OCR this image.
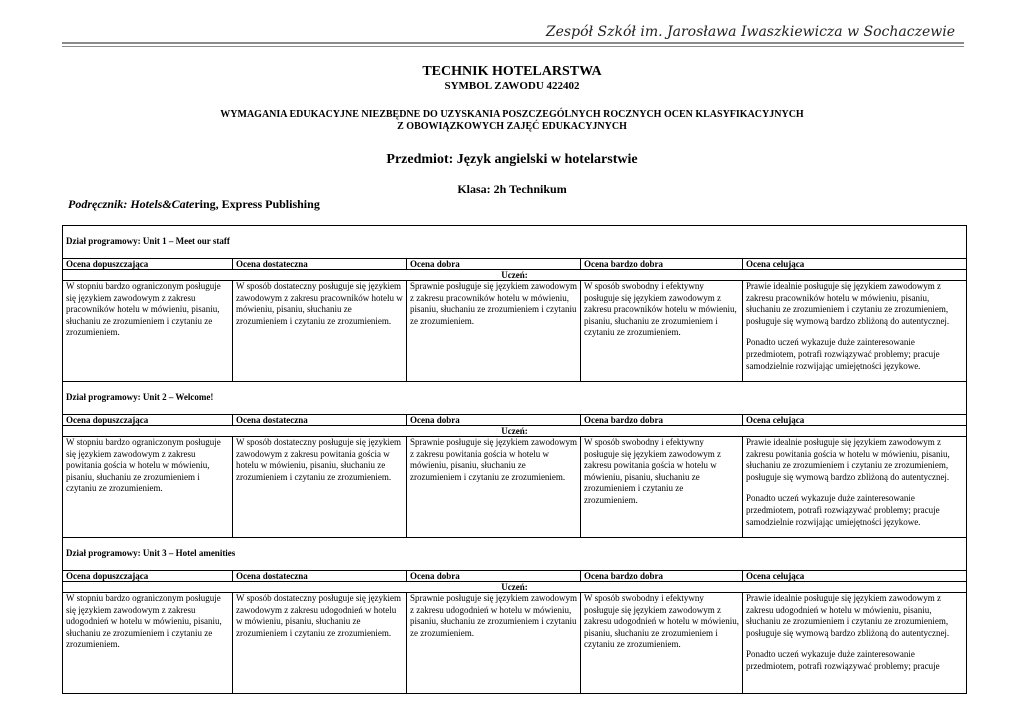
Zespół Szkół im. Jarosława Iwaszkiewicza w Sochaczewie
TECHNIK HOTELARSTWA
SYMBOL ZAWODU 422402
WYMAGANIA EDUKACYJNE NIEZBĘDNE DO UZYSKANIA POSZCZEGÓLNYCH ROCZNYCH OCEN KLASYFIKACYJNYCH
Z OBOWIĄZKOWYCH ZAJĘĆ EDUKACYJNYCH
Przedmiot: Język angielski w hotelarstwie
Klasa: 2h Technikum
Podręcznik: Hotels&Catering, Express Publishing
Dział programowy: Unit 1 – Meet our staff				
Ocena dopuszczająca	Ocena dostateczna	Ocena dobra	Ocena bardzo dobra	Ocena celująca
Uczeń:				
W stopniu bardzo ograniczonym posługuje się językiem zawodowym z zakresu pracowników hotelu w mówieniu, pisaniu, słuchaniu ze zrozumieniem i czytaniu ze zrozumieniem.	W sposób dostateczny posługuje się językiem zawodowym z zakresu pracowników hotelu w mówieniu, pisaniu, słuchaniu ze zrozumieniem i czytaniu ze zrozumieniem.	Sprawnie posługuje się językiem zawodowym z zakresu pracowników hotelu w mówieniu, pisaniu, słuchaniu ze zrozumieniem i czytaniu ze zrozumieniem.	W sposób swobodny i efektywny posługuje się językiem zawodowym z zakresu pracowników hotelu w mówieniu, pisaniu, słuchaniu ze zrozumieniem i czytaniu ze zrozumieniem.	Prawie idealnie posługuje się językiem zawodowym z zakresu pracowników hotelu w mówieniu, pisaniu, słuchaniu ze zrozumieniem i czytaniu ze zrozumieniem, posługuje się wymową bardzo zbliżoną do autentycznej.

Ponadto uczeń wykazuje duże zainteresowanie przedmiotem, potrafi rozwiązywać problemy; pracuje samodzielnie rozwijając umiejętności językowe.

Dział programowy: Unit 2 – Welcome!				
Ocena dopuszczająca	Ocena dostateczna	Ocena dobra	Ocena bardzo dobra	Ocena celująca
Uczeń:				
W stopniu bardzo ograniczonym posługuje się językiem zawodowym z zakresu powitania gościa w hotelu w mówieniu, pisaniu, słuchaniu ze zrozumieniem i czytaniu ze zrozumieniem.	W sposób dostateczny posługuje się językiem zawodowym z zakresu powitania gościa w hotelu w mówieniu, pisaniu, słuchaniu ze zrozumieniem i czytaniu ze zrozumieniem.	Sprawnie posługuje się językiem zawodowym z zakresu powitania gościa w hotelu w mówieniu, pisaniu, słuchaniu ze zrozumieniem i czytaniu ze zrozumieniem.	W sposób swobodny i efektywny posługuje się językiem zawodowym z zakresu powitania gościa w hotelu w mówieniu, pisaniu, słuchaniu ze zrozumieniem i czytaniu ze zrozumieniem.	Prawie idealnie posługuje się językiem zawodowym z zakresu powitania gościa w hotelu w mówieniu, pisaniu, słuchaniu ze zrozumieniem i czytaniu ze zrozumieniem, posługuje się wymową bardzo zbliżoną do autentycznej.

Ponadto uczeń wykazuje duże zainteresowanie przedmiotem, potrafi rozwiązywać problemy; pracuje samodzielnie rozwijając umiejętności językowe.

Dział programowy: Unit 3 – Hotel amenities				
Ocena dopuszczająca	Ocena dostateczna	Ocena dobra	Ocena bardzo dobra	Ocena celująca
Uczeń:				
W stopniu bardzo ograniczonym posługuje się językiem zawodowym z zakresu udogodnień w hotelu w mówieniu, pisaniu, słuchaniu ze zrozumieniem i czytaniu ze zrozumieniem.	W sposób dostateczny posługuje się językiem zawodowym z zakresu udogodnień w hotelu w mówieniu, pisaniu, słuchaniu ze zrozumieniem i czytaniu ze zrozumieniem.	Sprawnie posługuje się językiem zawodowym z zakresu udogodnień w hotelu w mówieniu, pisaniu, słuchaniu ze zrozumieniem i czytaniu ze zrozumieniem.	W sposób swobodny i efektywny posługuje się językiem zawodowym z zakresu udogodnień w hotelu w mówieniu, pisaniu, słuchaniu ze zrozumieniem i czytaniu ze zrozumieniem.	Prawie idealnie posługuje się językiem zawodowym z zakresu udogodnień w hotelu w mówieniu, pisaniu, słuchaniu ze zrozumieniem i czytaniu ze zrozumieniem, posługuje się wymową bardzo zbliżoną do autentycznej.

Ponadto uczeń wykazuje duże zainteresowanie przedmiotem, potrafi rozwiązywać problemy; pracuje
